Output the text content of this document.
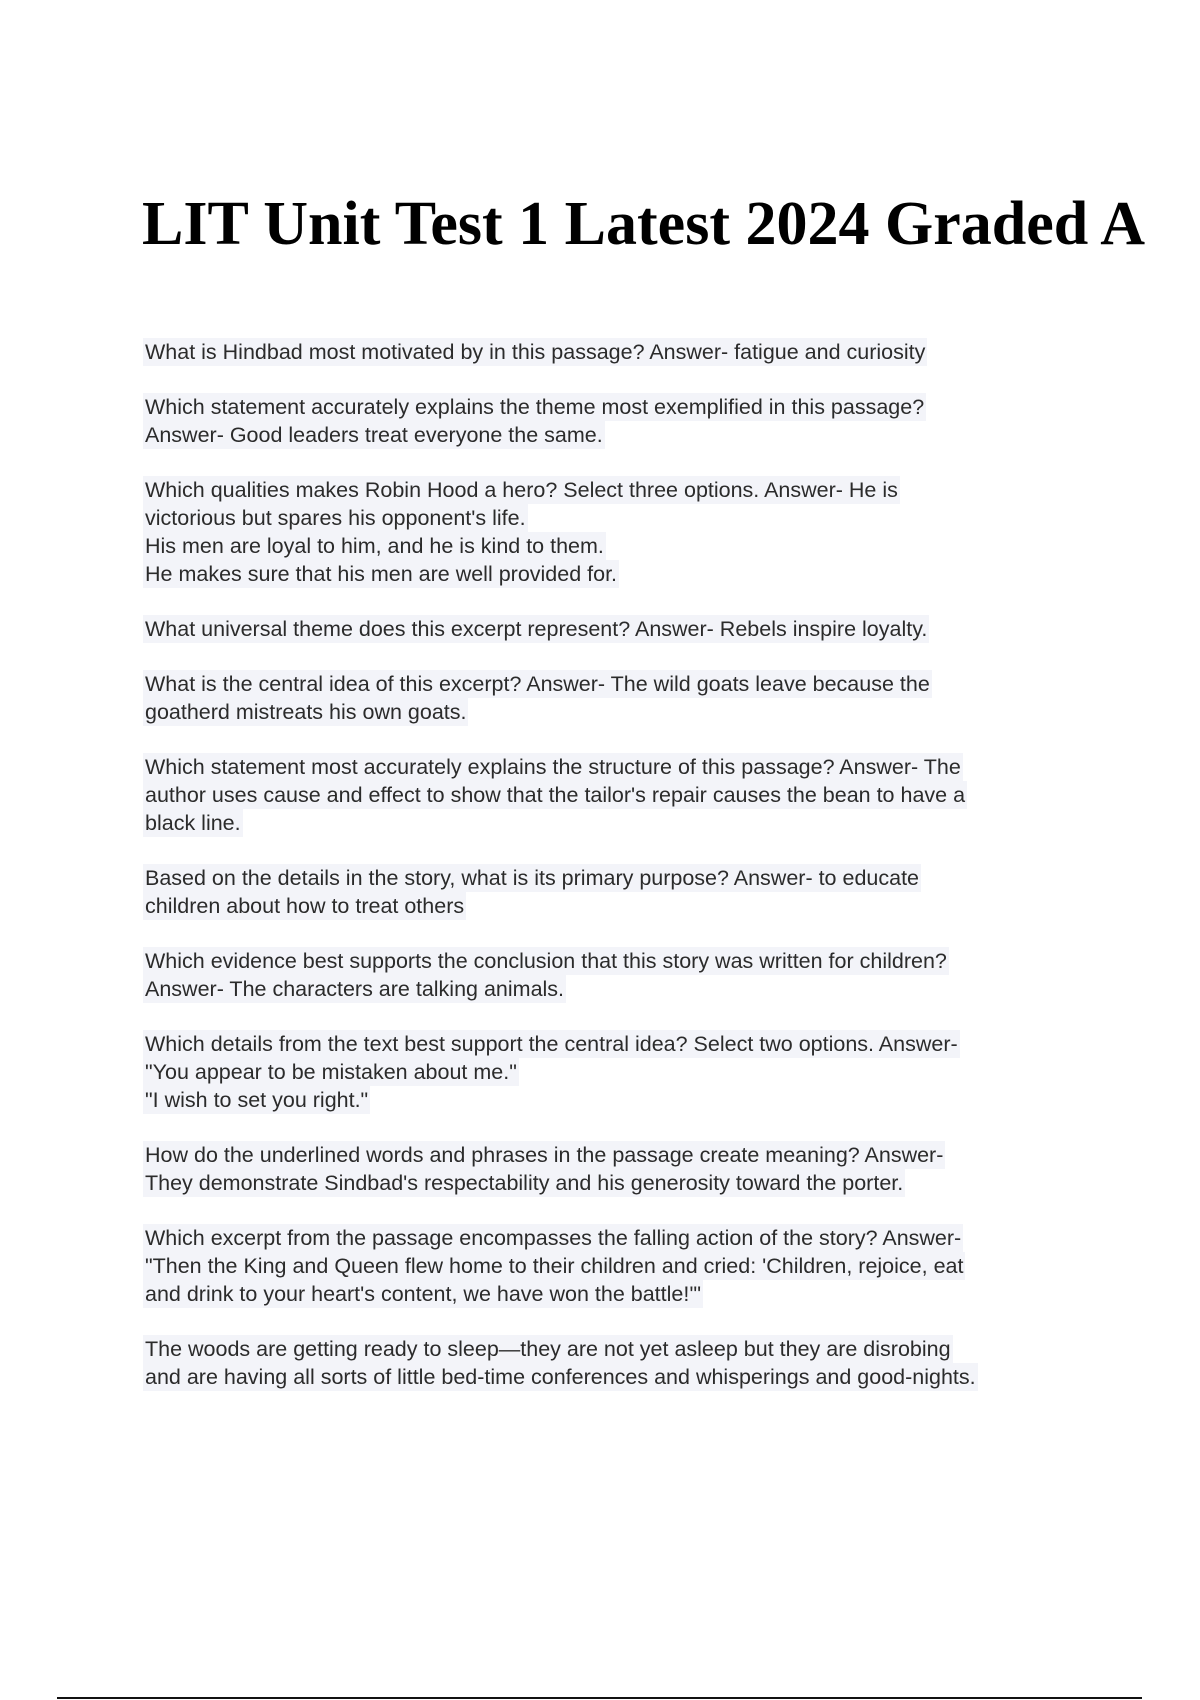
LIT Unit Test 1 Latest 2024 Graded A
What is Hindbad most motivated by in this passage? Answer- fatigue and curiosity
Which statement accurately explains the theme most exemplified in this passage?
Answer- Good leaders treat everyone the same.
Which qualities makes Robin Hood a hero? Select three options. Answer- He is
victorious but spares his opponent's life.
His men are loyal to him, and he is kind to them.
He makes sure that his men are well provided for.
What universal theme does this excerpt represent? Answer- Rebels inspire loyalty.
What is the central idea of this excerpt? Answer- The wild goats leave because the
goatherd mistreats his own goats.
Which statement most accurately explains the structure of this passage? Answer- The
author uses cause and effect to show that the tailor's repair causes the bean to have a
black line.
Based on the details in the story, what is its primary purpose? Answer- to educate
children about how to treat others
Which evidence best supports the conclusion that this story was written for children?
Answer- The characters are talking animals.
Which details from the text best support the central idea? Select two options. Answer-
"You appear to be mistaken about me."
"I wish to set you right."
How do the underlined words and phrases in the passage create meaning? Answer-
They demonstrate Sindbad's respectability and his generosity toward the porter.
Which excerpt from the passage encompasses the falling action of the story? Answer-
"Then the King and Queen flew home to their children and cried: 'Children, rejoice, eat
and drink to your heart's content, we have won the battle!'"
The woods are getting ready to sleep—they are not yet asleep but they are disrobing
and are having all sorts of little bed-time conferences and whisperings and good-nights.
